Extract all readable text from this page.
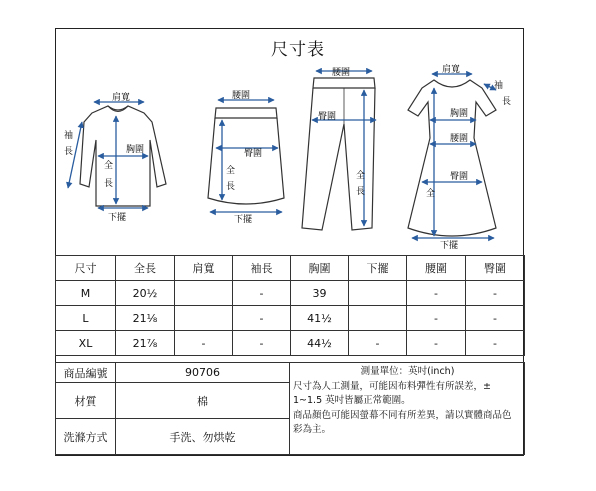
尺寸表
肩寬
袖
長	胸圍
全
長
下擺
腰圍
臀圍
全
長
下擺
腰圍
臀圍
全
長
肩寬
袖
長
胸圍
腰圍
臀圍
全
下擺
尺寸	全長	肩寬	袖長	胸圍	下擺	腰圍	臀圍
M	20½		-	39		-	-
L	21⅛		-	41½		-	-
XL	21⅞	-	-	44½	-	-	-
商品編號	90706	測量單位：英吋(inch)
尺寸為人工測量，可能因布料彈性有所誤差，±
1~1.5 英吋皆屬正常範圍。
商品顏色可能因螢幕不同有所差異，請以實體商品色
彩為主。

材質	棉	
洗滌方式	手洗、勿烘乾	
